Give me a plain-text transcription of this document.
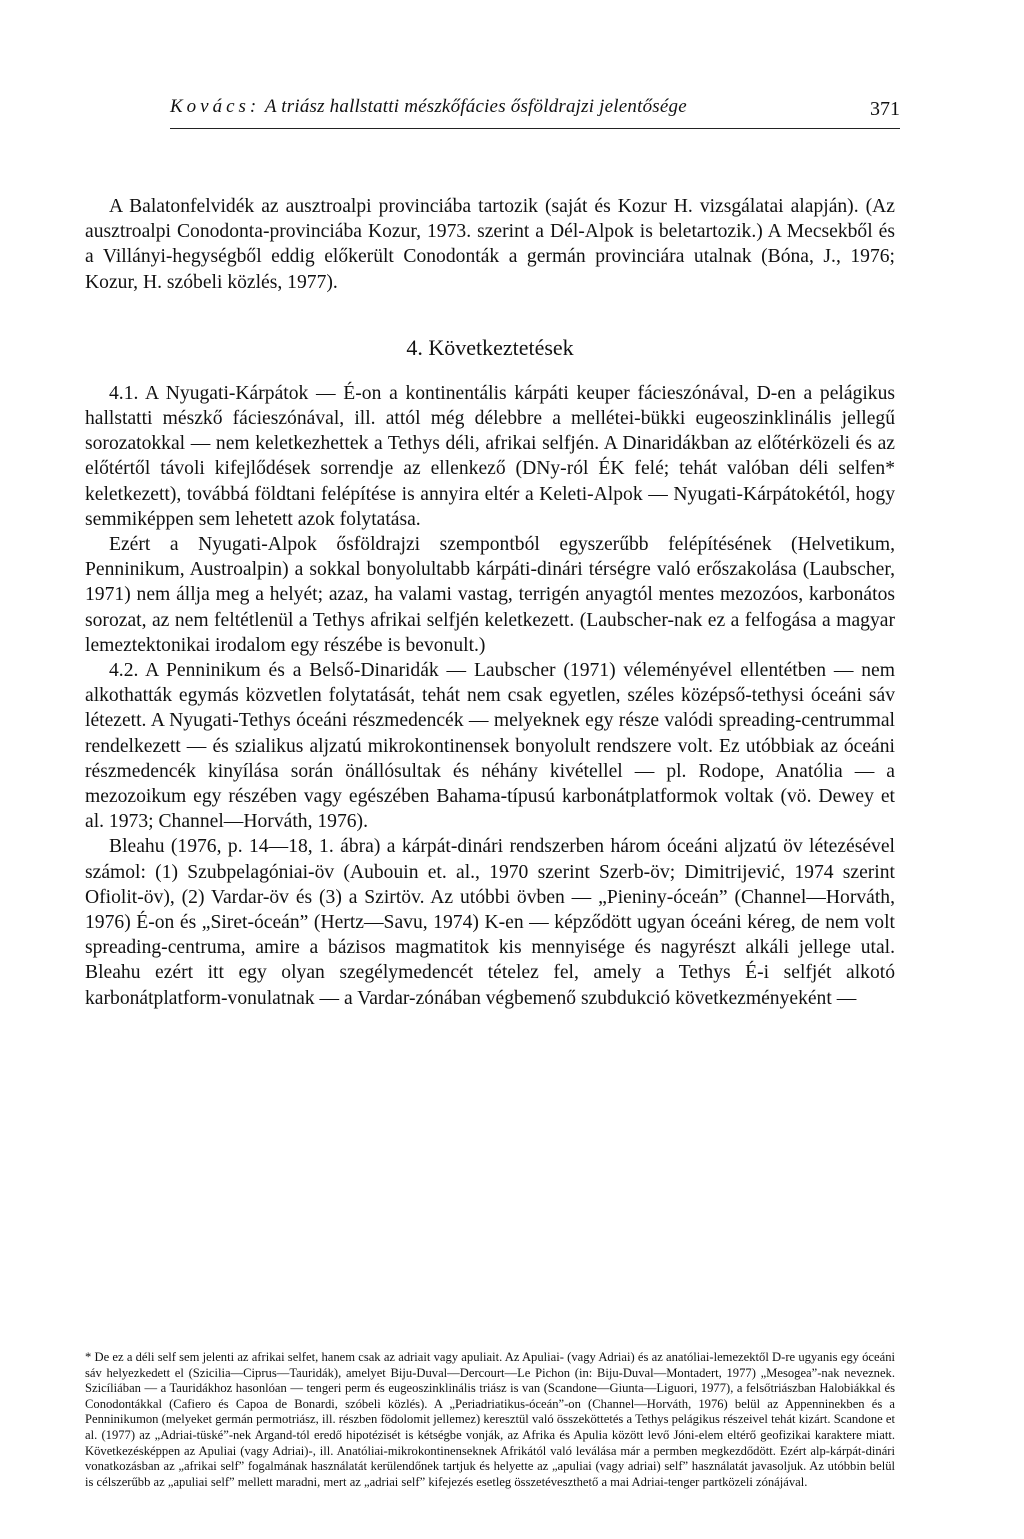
Kovács: A triász hallstatti mészkőfácies ősföldrajzi jelentősége	371

A Balatonfelvidék az ausztroalpi provinciába tartozik (saját és Kozur H. vizsgálatai alapján). (Az ausztroalpi Conodonta-provinciába Kozur, 1973. szerint a Dél-Alpok is beletartozik.) A Mecsekből és a Villányi-hegységből eddig előkerült Conodonták a germán provinciára utalnak (Bóna, J., 1976; Kozur, H. szóbeli közlés, 1977).

4. Következtetések

4.1. A Nyugati-Kárpátok — É-on a kontinentális kárpáti keuper fácieszónával, D-en a pelágikus hallstatti mészkő fácieszónával, ill. attól még délebbre a mellétei-bükki eugeoszinklinális jellegű sorozatokkal — nem keletkezhettek a Tethys déli, afrikai selfjén. A Dinaridákban az előtérközeli és az előtértől távoli kifejlődések sorrendje az ellenkező (DNy-ról ÉK felé; tehát valóban déli selfen* keletkezett), továbbá földtani felépítése is annyira eltér a Keleti-Alpok — Nyugati-Kárpátokétól, hogy semmiképpen sem lehetett azok folytatása.

Ezért a Nyugati-Alpok ősföldrajzi szempontból egyszerűbb felépítésének (Helvetikum, Penninikum, Austroalpin) a sokkal bonyolultabb kárpáti-dinári térségre való erőszakolása (Laubscher, 1971) nem állja meg a helyét; azaz, ha valami vastag, terrigén anyagtól mentes mezozóos, karbonátos sorozat, az nem feltétlenül a Tethys afrikai selfjén keletkezett. (Laubscher-nak ez a felfogása a magyar lemeztektonikai irodalom egy részébe is bevonult.)

4.2. A Penninikum és a Belső-Dinaridák — Laubscher (1971) véleményével ellentétben — nem alkothatták egymás közvetlen folytatását, tehát nem csak egyetlen, széles középső-tethysi óceáni sáv létezett. A Nyugati-Tethys óceáni részmedencék — melyeknek egy része valódi spreading-centrummal rendelkezett — és szialikus aljzatú mikrokontinensek bonyolult rendszere volt. Ez utóbbiak az óceáni részmedencék kinyílása során önállósultak és néhány kivétellel — pl. Rodope, Anatólia — a mezozoikum egy részében vagy egészében Bahama-típusú karbonátplatformok voltak (vö. Dewey et al. 1973; Channel—Horváth, 1976).

Bleahu (1976, p. 14—18, 1. ábra) a kárpát-dinári rendszerben három óceáni aljzatú öv létezésével számol: (1) Szubpelagóniai-öv (Aubouin et. al., 1970 szerint Szerb-öv; Dimitrijević, 1974 szerint Ofiolit-öv), (2) Vardar-öv és (3) a Szirtöv. Az utóbbi övben — „Pieniny-óceán” (Channel—Horváth, 1976) É-on és „Siret-óceán” (Hertz—Savu, 1974) K-en — képződött ugyan óceáni kéreg, de nem volt spreading-centruma, amire a bázisos magmatitok kis mennyisége és nagyrészt alkáli jellege utal. Bleahu ezért itt egy olyan szegélymedencét tételez fel, amely a Tethys É-i selfjét alkotó karbonátplatform-vonulatnak — a Vardar-zónában végbemenő szubdukció következményeként —

* De ez a déli self sem jelenti az afrikai selfet, hanem csak az adriait vagy apuliait. Az Apuliai- (vagy Adriai) és az anatóliai-lemezektől D-re ugyanis egy óceáni sáv helyezkedett el (Szicilia—Ciprus—Tauridák), amelyet Biju-Duval—Dercourt—Le Pichon (in: Biju-Duval—Montadert, 1977) „Mesogea”-nak neveznek. Szicíliában — a Tauridákhoz hasonlóan — tengeri perm és eugeoszinklinális triász is van (Scandone—Giunta—Liguori, 1977), a felsőtriászban Halobiákkal és Conodontákkal (Cafiero és Capoa de Bonardi, szóbeli közlés). A „Periadriatikus-óceán”-on (Channel—Horváth, 1976) belül az Appenninekben és a Penninikumon (melyeket germán permotriász, ill. részben födolomit jellemez) keresztül való összeköttetés a Tethys pelágikus részeivel tehát kizárt. Scandone et al. (1977) az „Adriai-tüské”-nek Argand-tól eredő hipotézisét is kétségbe vonják, az Afrika és Apulia között levő Jóni-elem eltérő geofizikai karaktere miatt. Következésképpen az Apuliai (vagy Adriai)-, ill. Anatóliai-mikrokontinenseknek Afrikától való leválása már a permben megkezdődött. Ezért alp-kárpát-dinári vonatkozásban az „afrikai self” fogalmának használatát kerülendőnek tartjuk és helyette az „apuliai (vagy adriai) self” használatát javasoljuk. Az utóbbin belül is célszerűbb az „apuliai self” mellett maradni, mert az „adriai self” kifejezés esetleg összetéveszthető a mai Adriai-tenger partközeli zónájával.
